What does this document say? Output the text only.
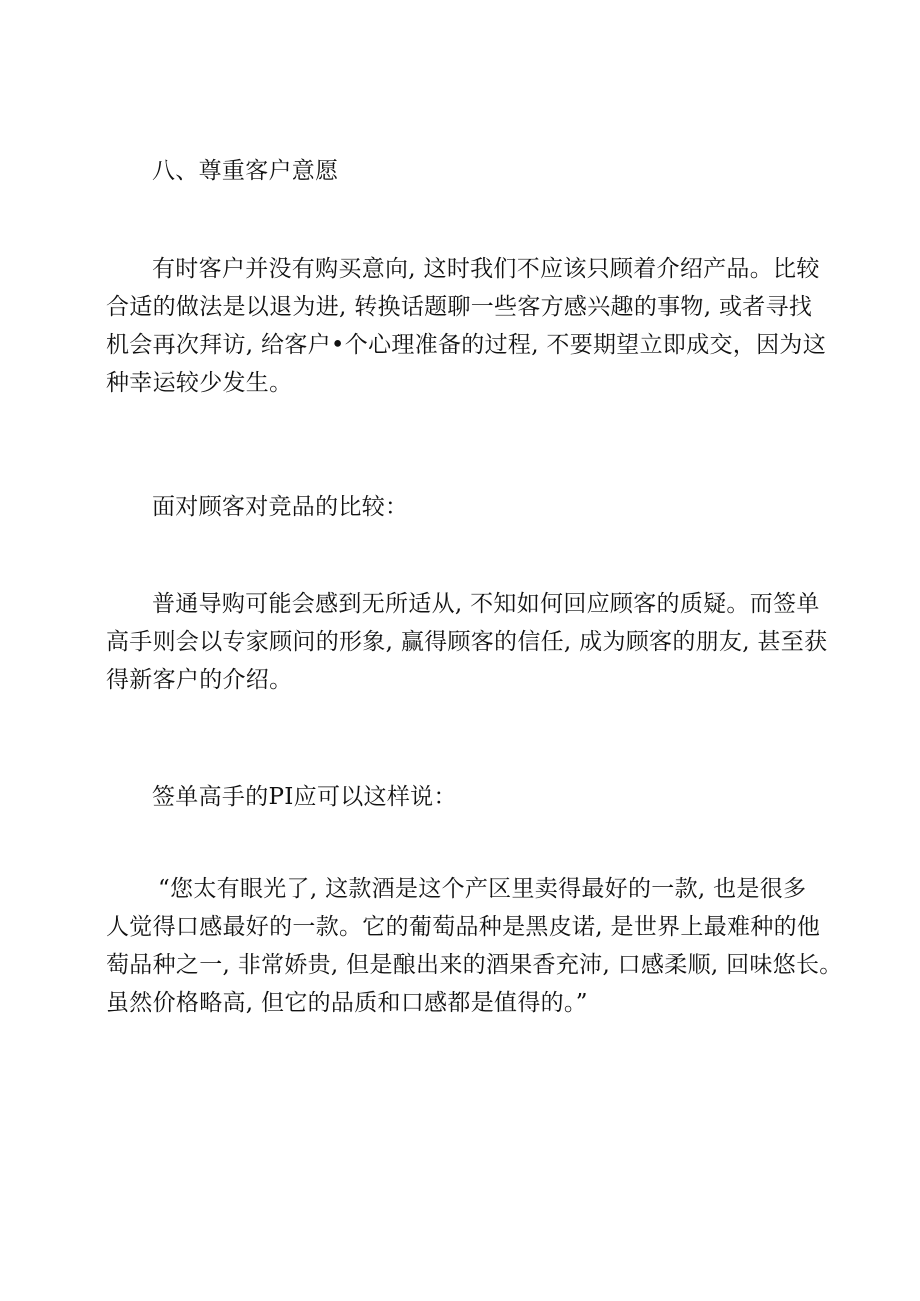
八、尊重客户意愿

有时客户并没有购买意向, 这时我们不应该只顾着介绍产品。比较
合适的做法是以退为进, 转换话题聊一些客方感兴趣的事物, 或者寻找
机会再次拜访, 给客户•个心理准备的过程, 不要期望立即成交，因为这
种幸运较少发生。

面对顾客对竞品的比较：

普通导购可能会感到无所适从, 不知如何回应顾客的质疑。而签单
高手则会以专家顾问的形象, 赢得顾客的信任, 成为顾客的朋友, 甚至获
得新客户的介绍。

签单高手的PI应可以这样说：

“您太有眼光了, 这款酒是这个产区里卖得最好的一款, 也是很多
人觉得口感最好的一款。它的葡萄品种是黑皮诺, 是世界上最难种的他
萄品种之一, 非常娇贵, 但是酿出来的酒果香充沛, 口感柔顺, 回味悠长。
虽然价格略高, 但它的品质和口感都是值得的。”
